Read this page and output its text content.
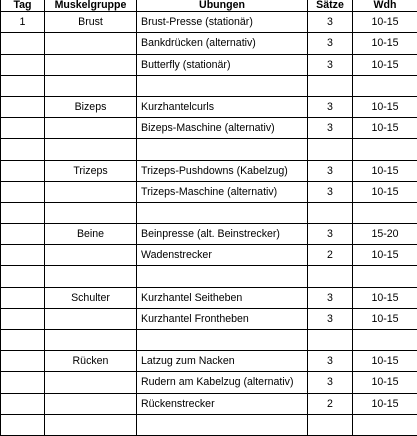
Tag	Muskelgruppe	Übungen	Sätze	Wdh
1	Brust	Brust-Presse (stationär)	3	10-15
		Bankdrücken (alternativ)	3	10-15
		Butterfly (stationär)	3	10-15

	Bizeps	Kurzhantelcurls	3	10-15
		Bizeps-Maschine (alternativ)	3	10-15

	Trizeps	Trizeps-Pushdowns (Kabelzug)	3	10-15
		Trizeps-Maschine (alternativ)	3	10-15

	Beine	Beinpresse (alt. Beinstrecker)	3	15-20
		Wadenstrecker	2	10-15

	Schulter	Kurzhantel Seitheben	3	10-15
		Kurzhantel Frontheben	3	10-15

	Rücken	Latzug zum Nacken	3	10-15
		Rudern am Kabelzug (alternativ)	3	10-15
		Rückenstrecker	2	10-15
